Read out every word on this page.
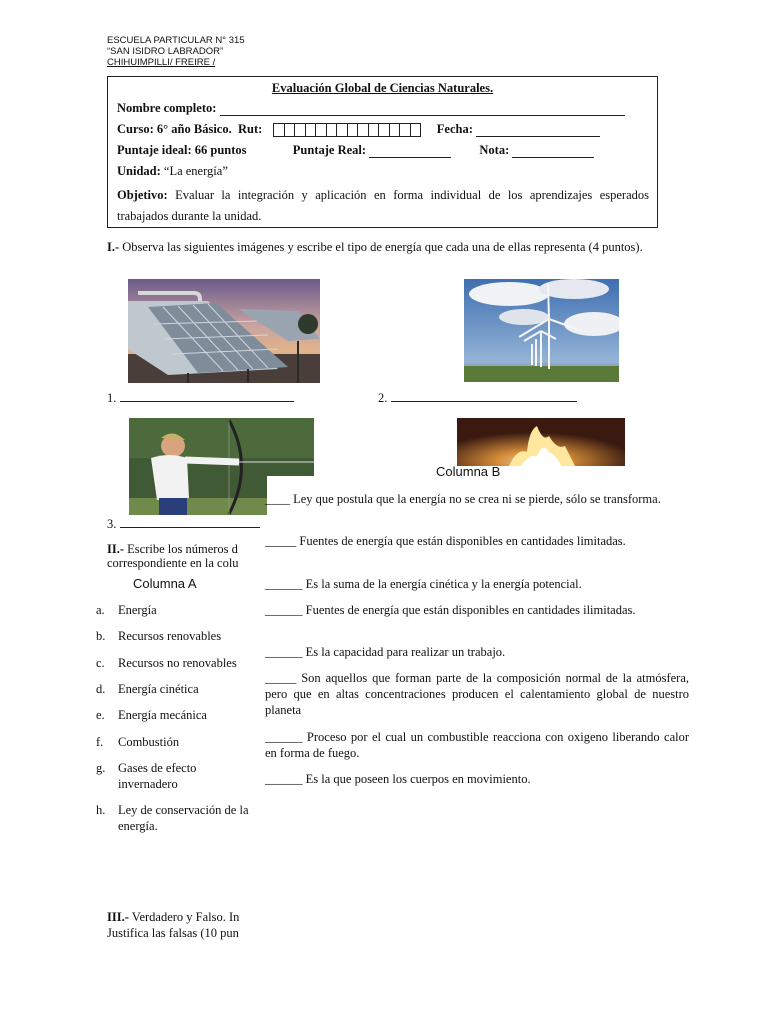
ESCUELA PARTICULAR N° 315
“SAN ISIDRO LABRADOR”
CHIHUIMPILLI/ FREIRE /
Evaluación Global de Ciencias Naturales.
Nombre completo:
Curso: 6° año Básico. Rut:	Fecha:
Puntaje ideal: 66 puntos	Puntaje Real:	Nota:
Unidad: “La energía”
Objetivo: Evaluar la integración y aplicación en forma individual de los aprendizajes esperados trabajados durante la unidad.
I.- Observa las siguientes imágenes y escribe el tipo de energía que cada una de ellas representa (4 puntos).
1.	2.
3.
II.- Escribe los números d
correspondiente en la colu
Columna A
Columna B
a.	Energía
b.	Recursos renovables
c.	Recursos no renovables
d.	Energía cinética
e.	Energía mecánica
f.	Combustión
g.	Gases de efecto invernadero
h.	Ley de conservación de la energía.
____ Ley que postula que la energía no se crea ni se pierde, sólo se transforma.
_____ Fuentes de energía que están disponibles en cantidades limitadas.
______ Es la suma de la energía cinética y la energía potencial.
______ Fuentes de energía que están disponibles en cantidades ilimitadas.
______ Es la capacidad para realizar un trabajo.
_____ Son aquellos que forman parte de la composición normal de la atmósfera, pero que en altas concentraciones producen el calentamiento global de nuestro planeta
______ Proceso por el cual un combustible reacciona con oxigeno liberando calor en forma de fuego.
______ Es la que poseen los cuerpos en movimiento.
III.- Verdadero y Falso. In
Justifica las falsas (10 pun
